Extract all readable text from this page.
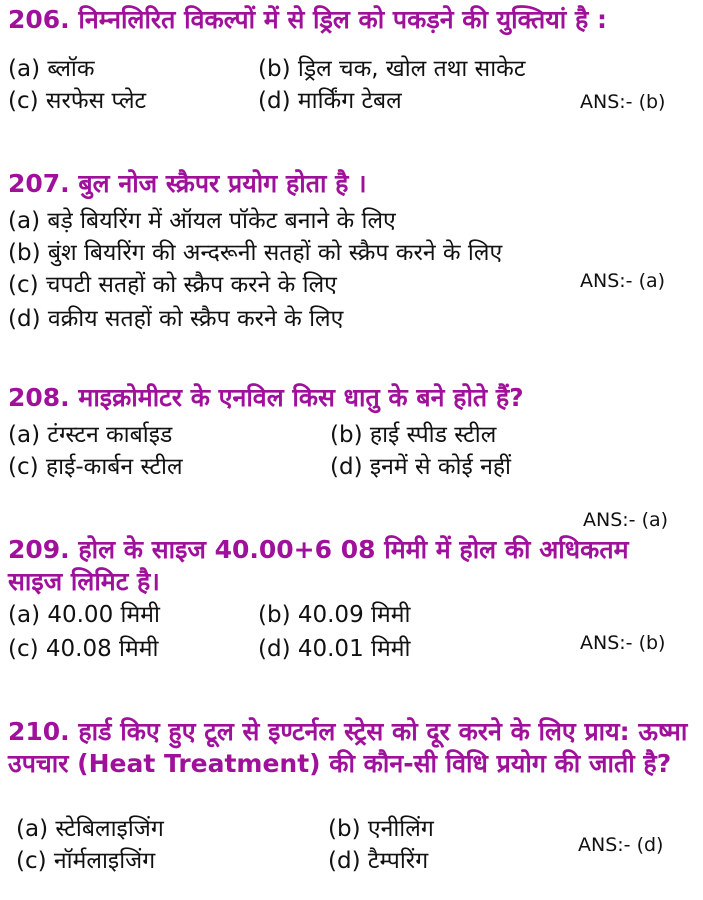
206. निम्नलिरित विकल्पों में से ड्रिल को पकड़ने की युक्तियां है :
(a) ब्लॉक	(b) ड्रिल चक, खोल तथा साकेट
(c) सरफेस प्लेट	(d) मार्किंग टेबल	ANS:- (b)
207. बुल नोज स्क्रैपर प्रयोग होता है ।
(a) बड़े बियरिंग में ऑयल पॉकेट बनाने के लिए
(b) बुंश बियरिंग की अन्दरूनी सतहों को स्क्रैप करने के लिए
(c) चपटी सतहों को स्क्रैप करने के लिए
(d) वक्रीय सतहों को स्क्रैप करने के लिए
ANS:- (a)
208. माइक्रोमीटर के एनविल किस धातु के बने होते हैं?
(a) टंग्स्टन कार्बाइड	(b) हाई स्पीड स्टील
(c) हाई-कार्बन स्टील	(d) इनमें से कोई नहीं
ANS:- (a)
209. होल के साइज 40.00+6 08 मिमी में होल की अधिकतम साइज लिमिट है।
(a) 40.00 मिमी	(b) 40.09 मिमी
(c) 40.08 मिमी	(d) 40.01 मिमी	ANS:- (b)
210. हार्ड किए हुए टूल से इण्टर्नल स्ट्रेस को दूर करने के लिए प्राय: ऊष्मा उपचार (Heat Treatment) की कौन-सी विधि प्रयोग की जाती है?
(a) स्टेबिलाइजिंग	(b) एनीलिंग
(c) नॉर्मलाइजिंग	(d) टैम्परिंग
ANS:- (d)
